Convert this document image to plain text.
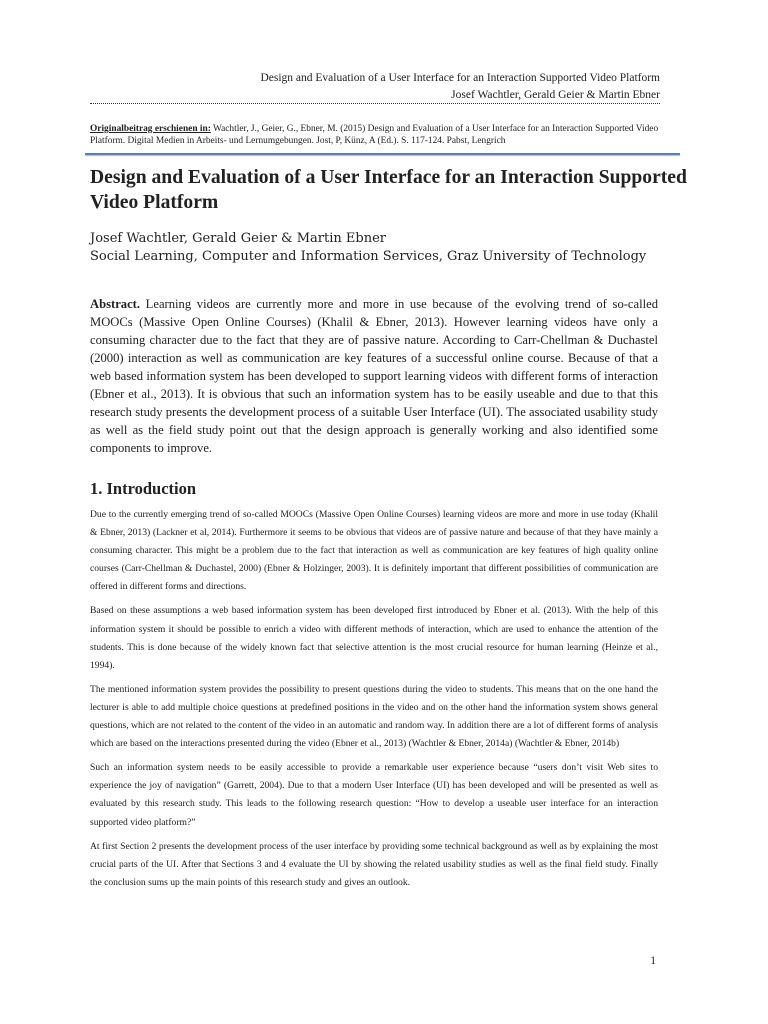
Design and Evaluation of a User Interface for an Interaction Supported Video Platform
Josef Wachtler, Gerald Geier & Martin Ebner
Originalbeitrag erschienen in: Wachtler, J., Geier, G., Ebner, M. (2015) Design and Evaluation of a User Interface for an Interaction Supported Video Platform. Digital Medien in Arbeits- und Lernumgebungen. Jost, P, Künz, A (Ed.). S. 117-124. Pabst, Lengrich
Design and Evaluation of a User Interface for an Interaction Supported Video Platform
Josef Wachtler, Gerald Geier & Martin Ebner
Social Learning, Computer and Information Services, Graz University of Technology
Abstract. Learning videos are currently more and more in use because of the evolving trend of so-called MOOCs (Massive Open Online Courses) (Khalil & Ebner, 2013). However learning videos have only a consuming character due to the fact that they are of passive nature. According to Carr-Chellman & Duchastel (2000) interaction as well as communication are key features of a successful online course. Because of that a web based information system has been developed to support learning videos with different forms of interaction (Ebner et al., 2013). It is obvious that such an information system has to be easily useable and due to that this research study presents the development process of a suitable User Interface (UI). The associated usability study as well as the field study point out that the design approach is generally working and also identified some components to improve.
1. Introduction

Due to the currently emerging trend of so-called MOOCs (Massive Open Online Courses) learning videos are more and more in use today (Khalil & Ebner, 2013) (Lackner et al, 2014). Furthermore it seems to be obvious that videos are of passive nature and because of that they have mainly a consuming character. This might be a problem due to the fact that interaction as well as communication are key features of high quality online courses (Carr-Chellman & Duchastel, 2000) (Ebner & Holzinger, 2003). It is definitely important that different possibilities of communication are offered in different forms and directions.

Based on these assumptions a web based information system has been developed first introduced by Ebner et al. (2013). With the help of this information system it should be possible to enrich a video with different methods of interaction, which are used to enhance the attention of the students. This is done because of the widely known fact that selective attention is the most crucial resource for human learning (Heinze et al., 1994).

The mentioned information system provides the possibility to present questions during the video to students. This means that on the one hand the lecturer is able to add multiple choice questions at predefined positions in the video and on the other hand the information system shows general questions, which are not related to the content of the video in an automatic and random way. In addition there are a lot of different forms of analysis which are based on the interactions presented during the video (Ebner et al., 2013) (Wachtler & Ebner, 2014a) (Wachtler & Ebner, 2014b)

Such an information system needs to be easily accessible to provide a remarkable user experience because “users don’t visit Web sites to experience the joy of navigation” (Garrett, 2004). Due to that a modern User Interface (UI) has been developed and will be presented as well as evaluated by this research study. This leads to the following research question: “How to develop a useable user interface for an interaction supported video platform?”

At first Section 2 presents the development process of the user interface by providing some technical background as well as by explaining the most crucial parts of the UI. After that Sections 3 and 4 evaluate the UI by showing the related usability studies as well as the final field study. Finally the conclusion sums up the main points of this research study and gives an outlook.

1
